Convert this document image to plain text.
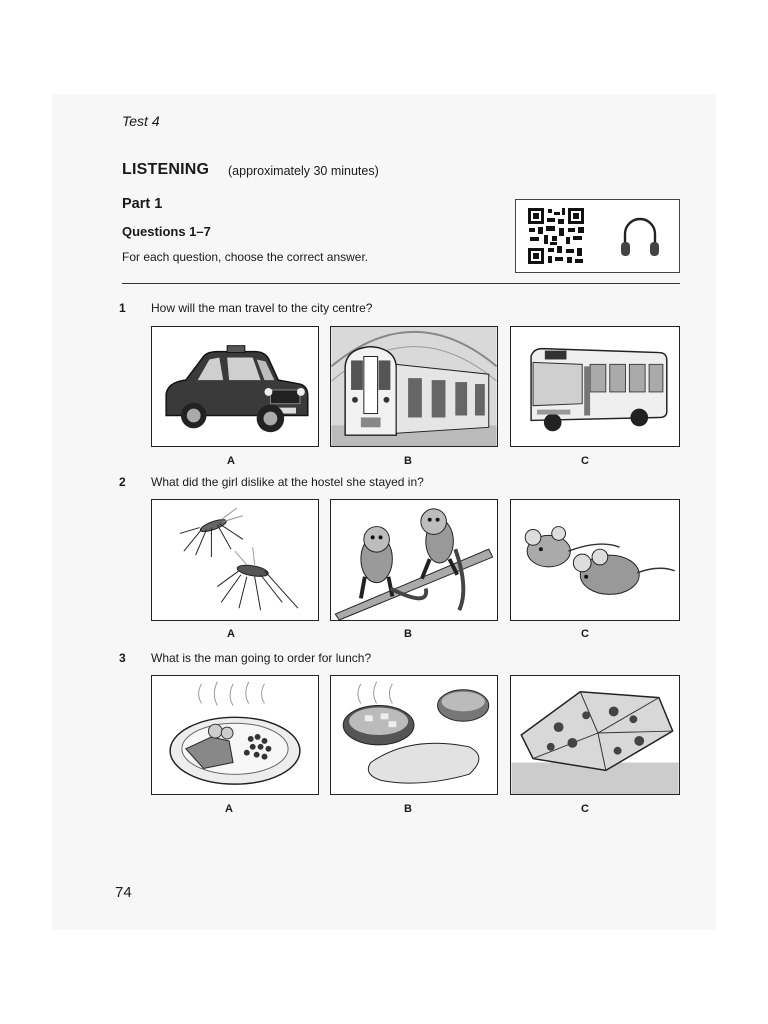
Test 4
LISTENING (approximately 30 minutes)
Part 1
Questions 1–7
For each question, choose the correct answer.
1 How will the man travel to the city centre?
A	B	C
2 What did the girl dislike at the hostel she stayed in?
A	B	C
3 What is the man going to order for lunch?
A	B	C
74
